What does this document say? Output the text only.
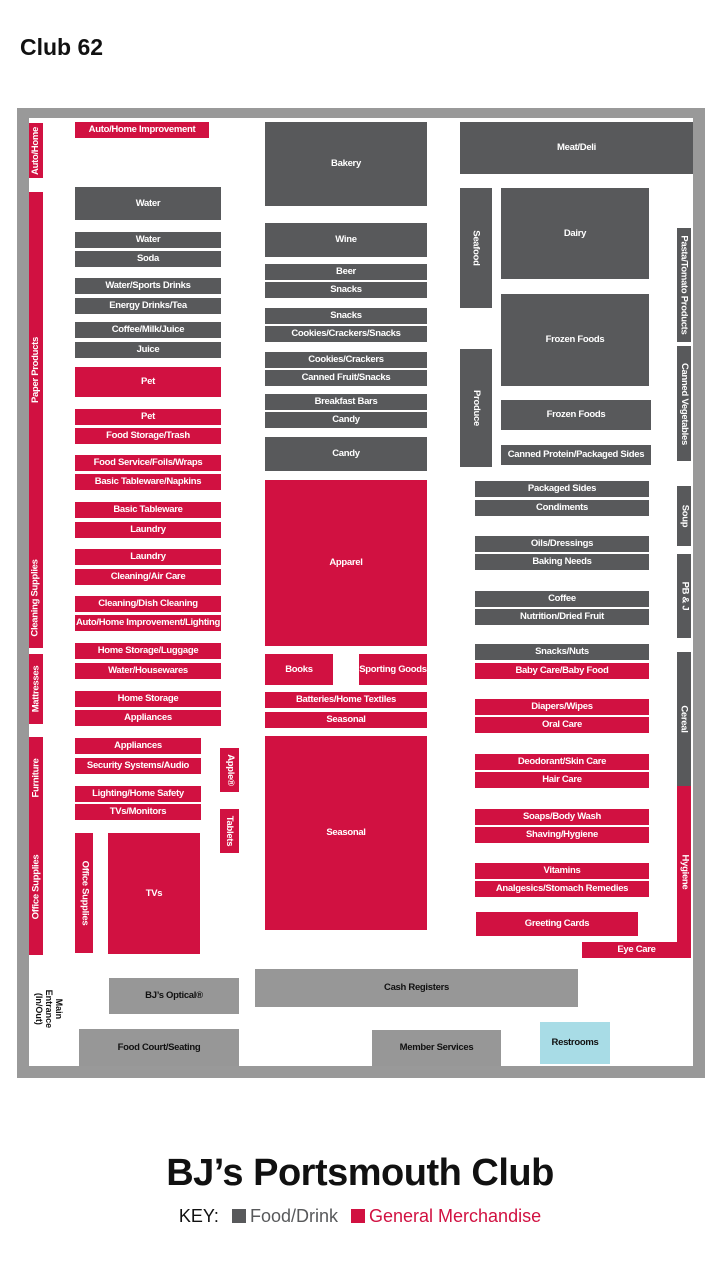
Club 62
Auto/Home
Paper Products
Cleaning Supplies
Mattresses
Furniture
Office Supplies
Auto/Home Improvement
Water
Water
Soda
Water/Sports Drinks
Energy Drinks/Tea
Coffee/Milk/Juice
Juice
Pet
Pet
Food Storage/Trash
Food Service/Foils/Wraps
Basic Tableware/Napkins
Basic Tableware
Laundry
Laundry
Cleaning/Air Care
Cleaning/Dish Cleaning
Auto/Home Improvement/Lighting
Home Storage/Luggage
Water/Housewares
Home Storage
Appliances
Appliances
Security Systems/Audio
Lighting/Home Safety
TVs/Monitors
Apple®
Tablets
Office Supplies	TVs
Bakery
Wine
Beer
Snacks
Snacks
Cookies/Crackers/Snacks
Cookies/Crackers
Canned Fruit/Snacks
Breakfast Bars
Candy
Candy
Apparel
Books	Sporting Goods
Batteries/Home Textiles
Seasonal
Seasonal
Meat/Deli
Seafood	Dairy
Frozen Foods
Produce	Frozen Foods
Canned Protein/Packaged Sides
Packaged Sides
Condiments
Oils/Dressings
Baking Needs
Coffee
Nutrition/Dried Fruit
Snacks/Nuts
Baby Care/Baby Food
Diapers/Wipes
Oral Care
Deodorant/Skin Care
Hair Care
Soaps/Body Wash
Shaving/Hygiene
Vitamins
Analgesics/Stomach Remedies
Greeting Cards
Eye Care
Pasta/Tomato Products
Canned Vegetables
Soup
PB & J
Cereal
Hygiene
BJ’s Optical®
Cash Registers
Food Court/Seating	Member Services	Restrooms
Main
Entrance
(In/Out)
BJ’s Portsmouth Club
KEY: Food/Drink General Merchandise
